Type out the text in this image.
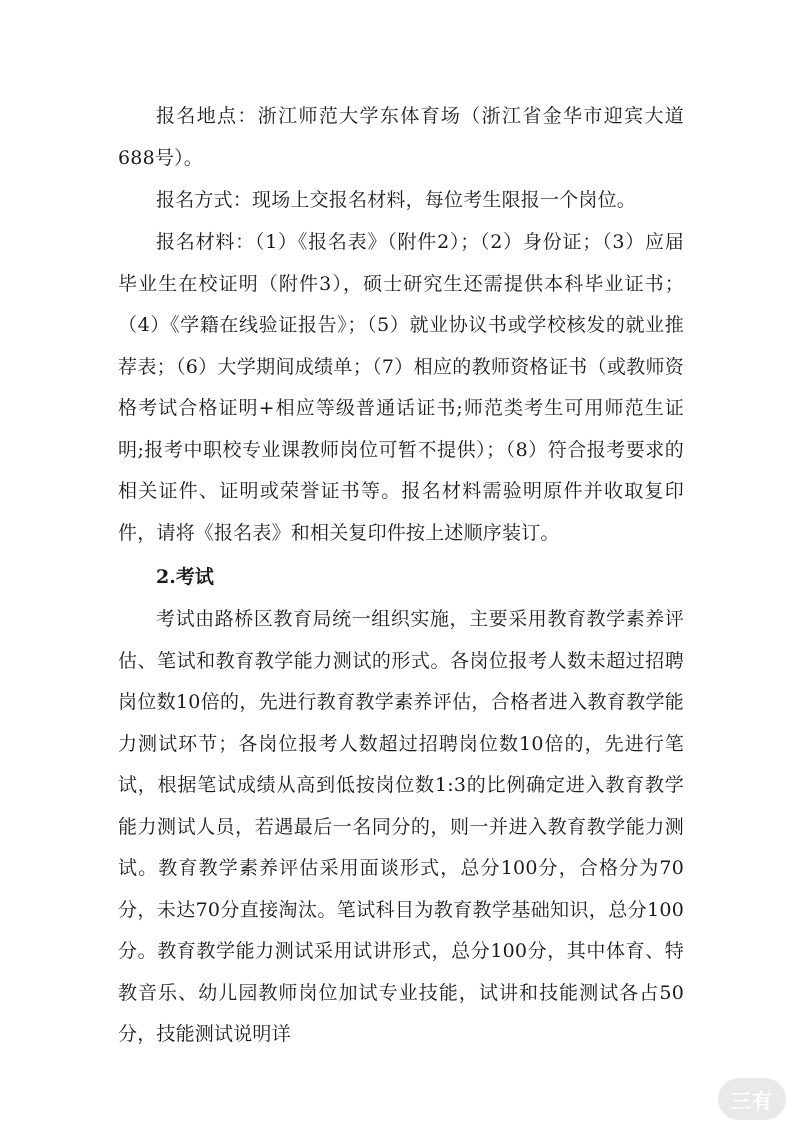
报名地点：浙江师范大学东体育场（浙江省金华市迎宾大道688号）。

报名方式：现场上交报名材料，每位考生限报一个岗位。

报名材料：（1）《报名表》（附件2）；（2）身份证；（3）应届毕业生在校证明（附件3），硕士研究生还需提供本科毕业证书；（4）《学籍在线验证报告》；（5）就业协议书或学校核发的就业推荐表；（6）大学期间成绩单；（7）相应的教师资格证书（或教师资格考试合格证明+相应等级普通话证书;师范类考生可用师范生证明;报考中职校专业课教师岗位可暂不提供）；（8）符合报考要求的相关证件、证明或荣誉证书等。报名材料需验明原件并收取复印件，请将《报名表》和相关复印件按上述顺序装订。

2.考试

考试由路桥区教育局统一组织实施，主要采用教育教学素养评估、笔试和教育教学能力测试的形式。各岗位报考人数未超过招聘岗位数10倍的，先进行教育教学素养评估，合格者进入教育教学能力测试环节；各岗位报考人数超过招聘岗位数10倍的，先进行笔试，根据笔试成绩从高到低按岗位数1:3的比例确定进入教育教学能力测试人员，若遇最后一名同分的，则一并进入教育教学能力测试。教育教学素养评估采用面谈形式，总分100分，合格分为70分，未达70分直接淘汰。笔试科目为教育教学基础知识，总分100分。教育教学能力测试采用试讲形式，总分100分，其中体育、特教音乐、幼儿园教师岗位加试专业技能，试讲和技能测试各占50分，技能测试说明详

三有
